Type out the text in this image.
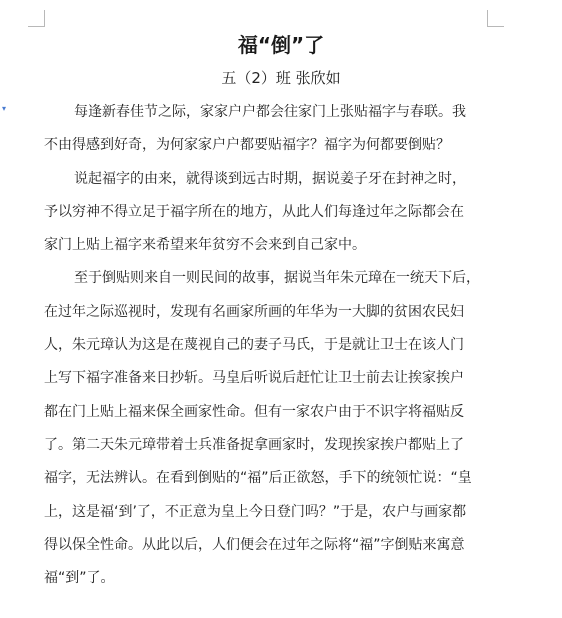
福“倒”了
五（2）班 张欣如
▾	每逢新春佳节之际，家家户户都会往家门上张贴福字与春联。我
不由得感到好奇，为何家家户户都要贴福字？福字为何都要倒贴？
说起福字的由来，就得谈到远古时期，据说姜子牙在封神之时，
予以穷神不得立足于福字所在的地方，从此人们每逢过年之际都会在
家门上贴上福字来希望来年贫穷不会来到自己家中。
至于倒贴则来自一则民间的故事，据说当年朱元璋在一统天下后，
在过年之际巡视时，发现有名画家所画的年华为一大脚的贫困农民妇
人，朱元璋认为这是在蔑视自己的妻子马氏，于是就让卫士在该人门
上写下福字准备来日抄斩。马皇后听说后赶忙让卫士前去让挨家挨户
都在门上贴上福来保全画家性命。但有一家农户由于不识字将福贴反
了。第二天朱元璋带着士兵准备捉拿画家时，发现挨家挨户都贴上了
福字，无法辨认。在看到倒贴的“福”后正欲怒，手下的统领忙说：“皇
上，这是福‘到’了，不正意为皇上今日登门吗？”于是，农户与画家都
得以保全性命。从此以后，人们便会在过年之际将“福”字倒贴来寓意
福“到”了。
